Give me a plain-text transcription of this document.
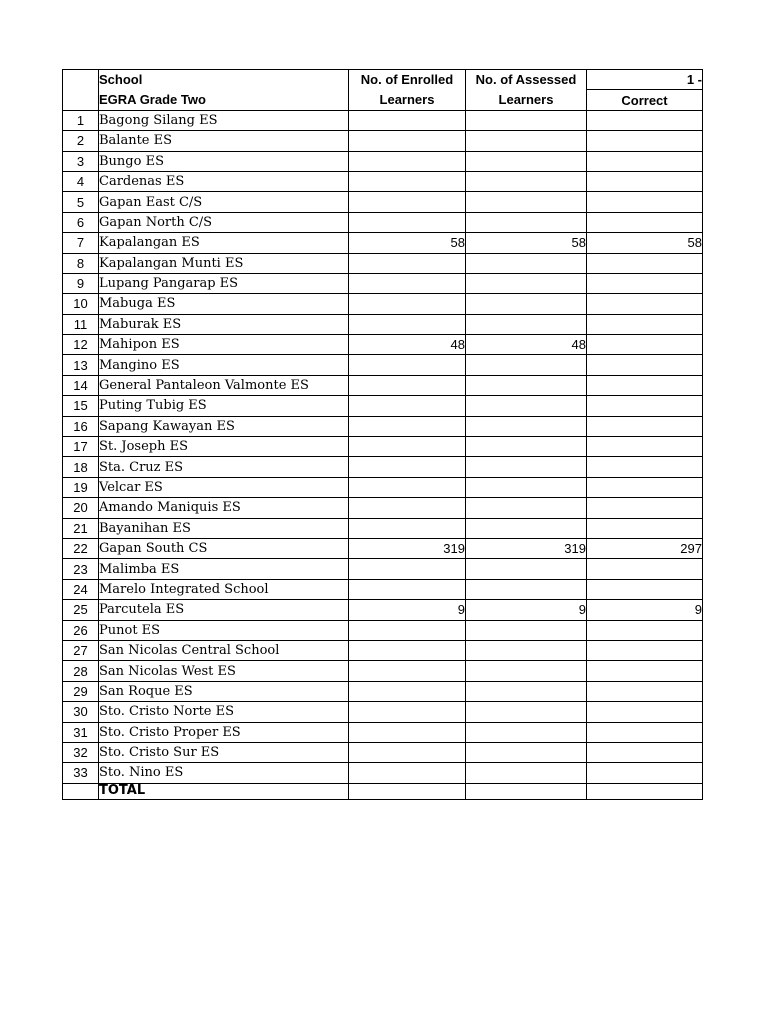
	School	No. of Enrolled	No. of Assessed	1 -
	EGRA Grade Two	Learners	Learners	Correct
1	Bagong Silang ES			
2	Balante ES			
3	Bungo ES			
4	Cardenas ES			
5	Gapan East C/S			
6	Gapan North C/S			
7	Kapalangan ES	58	58	58
8	Kapalangan Munti ES			
9	Lupang Pangarap ES			
10	Mabuga ES			
11	Maburak ES			
12	Mahipon ES	48	48	
13	Mangino ES			
14	General Pantaleon Valmonte ES			
15	Puting Tubig ES			
16	Sapang Kawayan ES			
17	St. Joseph ES			
18	Sta. Cruz ES			
19	Velcar ES			
20	Amando Maniquis ES			
21	Bayanihan ES			
22	Gapan South CS	319	319	297
23	Malimba ES			
24	Marelo Integrated School			
25	Parcutela ES	9	9	9
26	Punot ES			
27	San Nicolas Central School			
28	San Nicolas West ES			
29	San Roque ES			
30	Sto. Cristo Norte ES			
31	Sto. Cristo Proper ES			
32	Sto. Cristo Sur ES			
33	Sto. Nino ES			
	TOTAL			
